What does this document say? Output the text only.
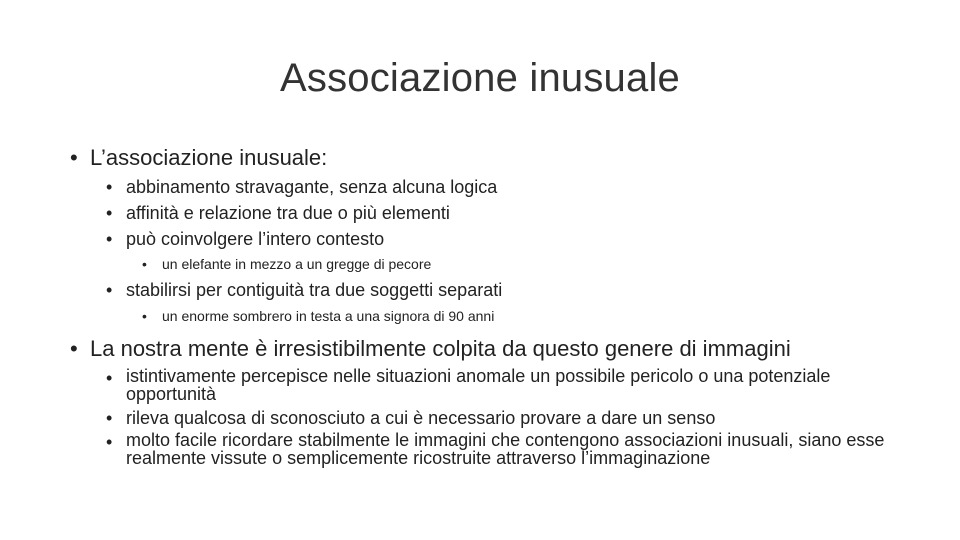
Associazione inusuale
• L’associazione inusuale:
• abbinamento stravagante, senza alcuna logica
• affinità e relazione tra due o più elementi
• può coinvolgere l’intero contesto
• un elefante in mezzo a un gregge di pecore
• stabilirsi per contiguità tra due soggetti separati
• un enorme sombrero in testa a una signora di 90 anni
• La nostra mente è irresistibilmente colpita da questo genere di immagini
• istintivamente percepisce nelle situazioni anomale un possibile pericolo o una potenziale opportunità
• rileva qualcosa di sconosciuto a cui è necessario provare a dare un senso
• molto facile ricordare stabilmente le immagini che contengono associazioni inusuali, siano esse realmente vissute o semplicemente ricostruite attraverso l’immaginazione
